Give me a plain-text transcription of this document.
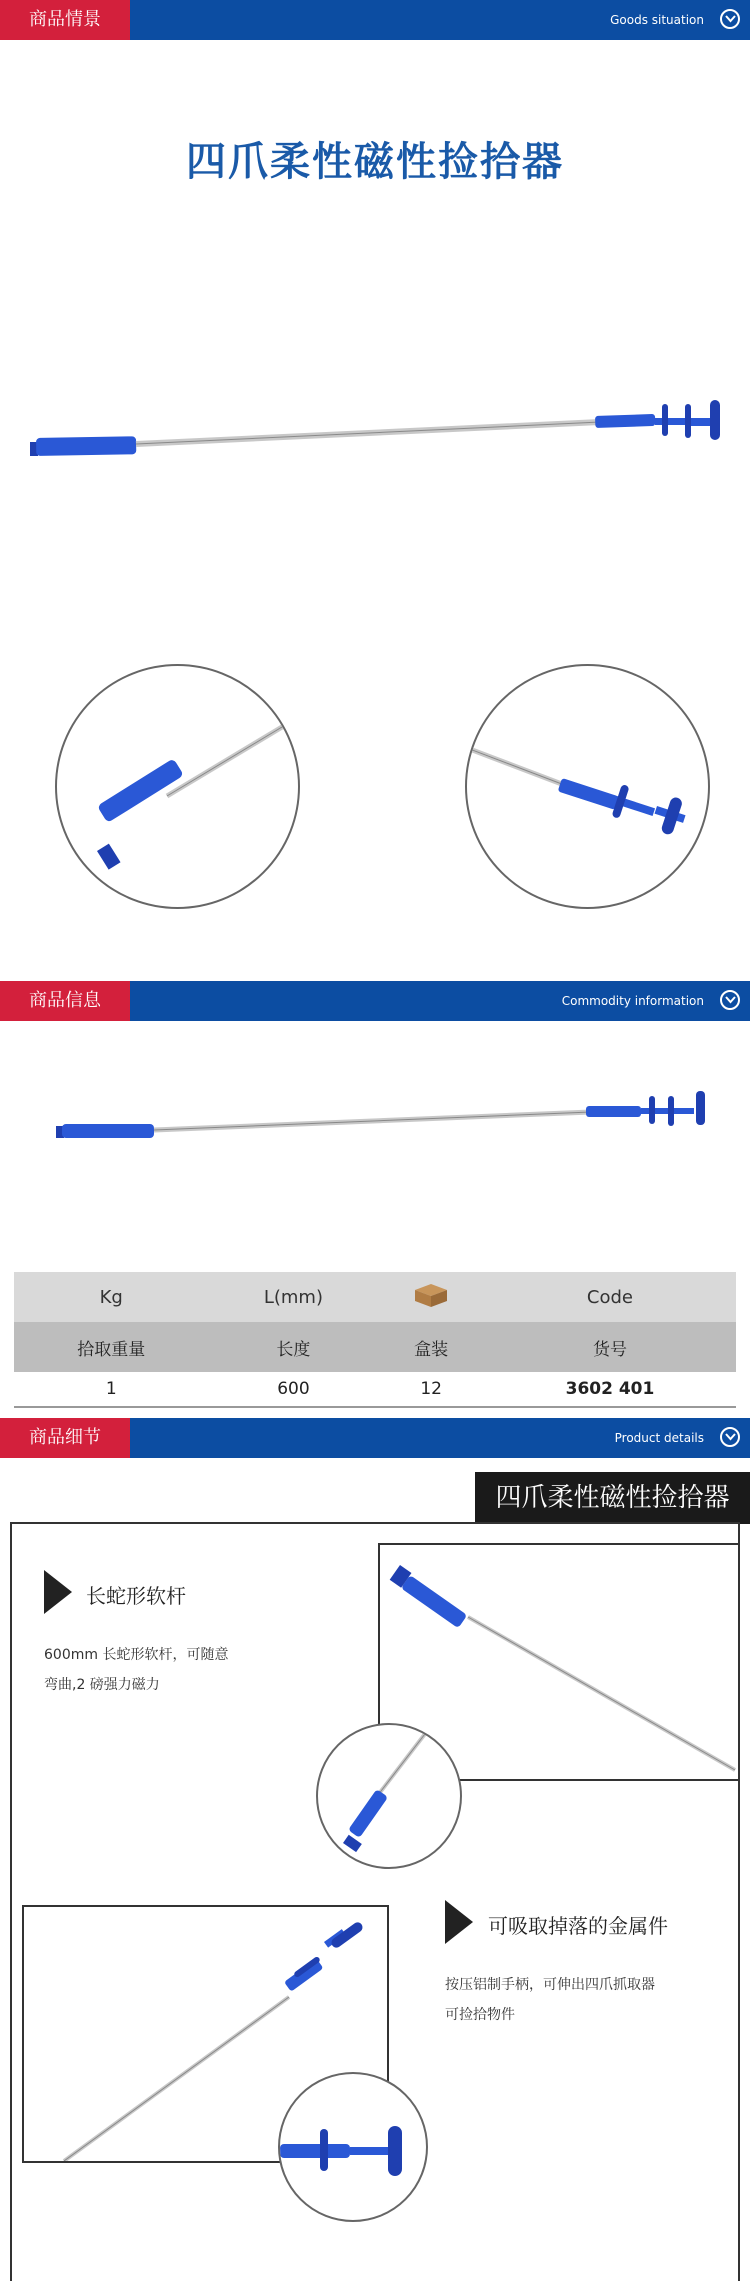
商品情景	Goods situation
四爪柔性磁性捡拾器
商品信息	Commodity information
Kg	L(mm)		Code
拾取重量	长度	盒装	货号
1	600	12	3602 401
商品细节	Product details
四爪柔性磁性捡拾器
长蛇形软杆
600mm 长蛇形软杆，可随意
弯曲,2 磅强力磁力
可吸取掉落的金属件
按压铝制手柄，可伸出四爪抓取器
可捡拾物件
